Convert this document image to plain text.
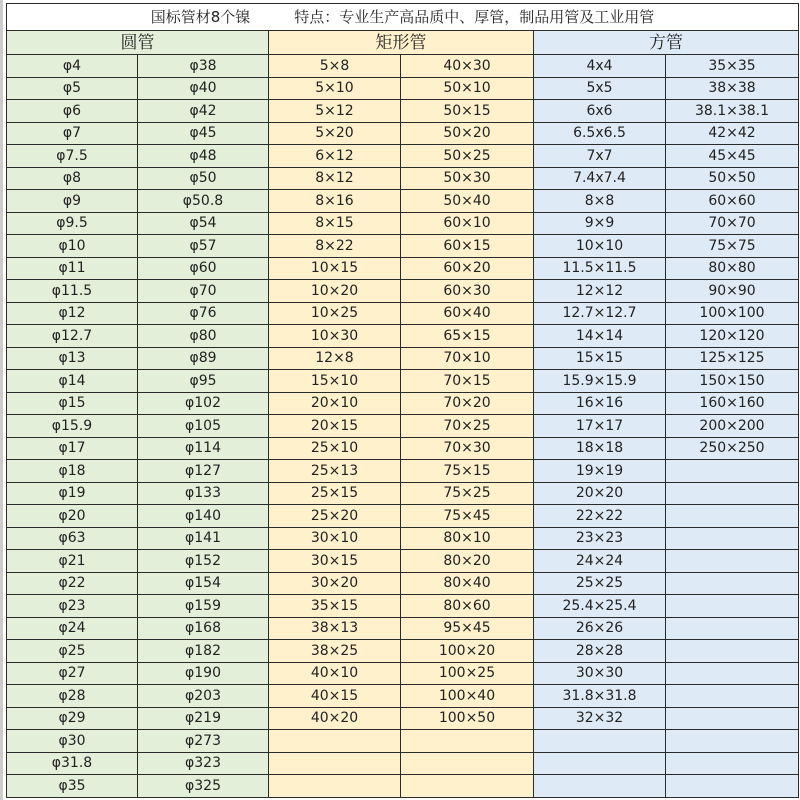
国标管材8个镍 特点：专业生产高品质中、厚管，制品用管及工业用管					
圆管		矩形管		方管	
φ4	φ38	5×8	40×30	4x4	35×35
φ5	φ40	5×10	50×10	5x5	38×38
φ6	φ42	5×12	50×15	6x6	38.1×38.1
φ7	φ45	5×20	50×20	6.5x6.5	42×42
φ7.5	φ48	6×12	50×25	7x7	45×45
φ8	φ50	8×12	50×30	7.4x7.4	50×50
φ9	φ50.8	8×16	50×40	8×8	60×60
φ9.5	φ54	8×15	60×10	9×9	70×70
φ10	φ57	8×22	60×15	10×10	75×75
φ11	φ60	10×15	60×20	11.5×11.5	80×80
φ11.5	φ70	10×20	60×30	12×12	90×90
φ12	φ76	10×25	60×40	12.7×12.7	100×100
φ12.7	φ80	10×30	65×15	14×14	120×120
φ13	φ89	12×8	70×10	15×15	125×125
φ14	φ95	15×10	70×15	15.9×15.9	150×150
φ15	φ102	20×10	70×20	16×16	160×160
φ15.9	φ105	20×15	70×25	17×17	200×200
φ17	φ114	25×10	70×30	18×18	250×250
φ18	φ127	25×13	75×15	19×19	
φ19	φ133	25×15	75×25	20×20	
φ20	φ140	25×20	75×45	22×22	
φ63	φ141	30×10	80×10	23×23	
φ21	φ152	30×15	80×20	24×24	
φ22	φ154	30×20	80×40	25×25	
φ23	φ159	35×15	80×60	25.4×25.4	
φ24	φ168	38×13	95×45	26×26	
φ25	φ182	38×25	100×20	28×28	
φ27	φ190	40×10	100×25	30×30	
φ28	φ203	40×15	100×40	31.8×31.8	
φ29	φ219	40×20	100×50	32×32	
φ30	φ273				
φ31.8	φ323				
φ35	φ325				
